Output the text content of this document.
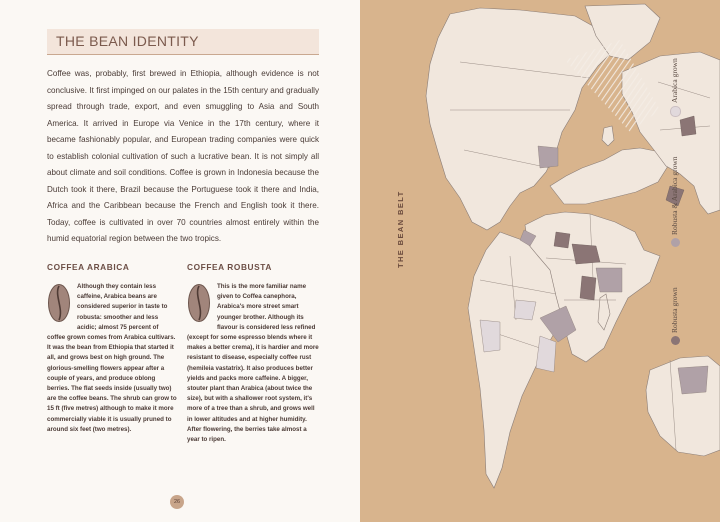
THE BEAN IDENTITY
Coffee was, probably, first brewed in Ethiopia, although evidence is not conclusive. It first impinged on our palates in the 15th century and gradually spread through trade, export, and even smuggling to Asia and South America. It arrived in Europe via Venice in the 17th century, where it became fashionably popular, and European trading companies were quick to establish colonial cultivation of such a lucrative bean. It is not simply all about climate and soil conditions. Coffee is grown in Indonesia because the Dutch took it there, Brazil because the Portuguese took it there and India, Africa and the Caribbean because the French and English took it there. Today, coffee is cultivated in over 70 countries almost entirely within the humid equatorial region between the two tropics.
COFFEA ARABICA

Although they contain less caffeine, Arabica beans are considered superior in taste to robusta: smoother and less acidic; almost 75 percent of coffee grown comes from Arabica cultivars. It was the bean from Ethiopia that started it all, and grows best on high ground. The glorious-smelling flowers appear after a couple of years, and produce oblong berries. The flat seeds inside (usually two) are the coffee beans. The shrub can grow to 15 ft (five metres) although to make it more commercially viable it is usually pruned to around six feet (two metres).

COFFEA ROBUSTA

This is the more familiar name given to Coffea canephora, Arabica's more street smart younger brother. Although its flavour is considered less refined (except for some espresso blends where it makes a better crema), it is hardier and more resistant to disease, especially coffee rust (hemileia vastatrix). It also produces better yields and packs more caffeine. A bigger, stouter plant than Arabica (about twice the size), but with a shallower root system, it's more of a tree than a shrub, and grows well in lower altitudes and at higher humidity. After flowering, the berries take almost a year to ripen.

26
THE BEAN BELT
Robusta grown
Robusta & Arabica grown
Arabica grown
